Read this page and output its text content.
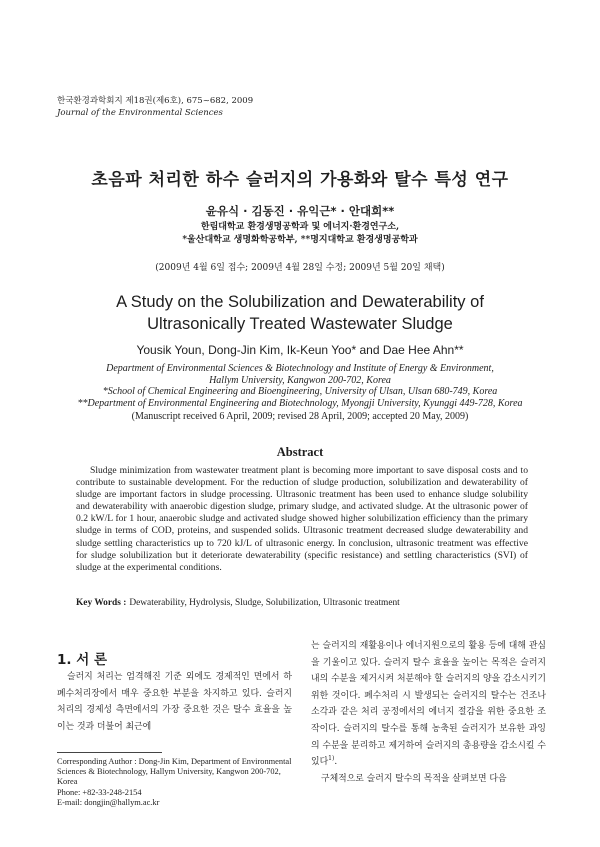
한국환경과학회지 제18권(제6호), 675~682, 2009
Journal of the Environmental Sciences
초음파 처리한 하수 슬러지의 가용화와 탈수 특성 연구
윤유식 · 김동진 · 유익근* · 안대희**
한림대학교 환경생명공학과 및 에너지·환경연구소,
*울산대학교 생명화학공학부, **명지대학교 환경생명공학과
(2009년 4월 6일 접수; 2009년 4월 28일 수정; 2009년 5월 20일 채택)
A Study on the Solubilization and Dewaterability of
Ultrasonically Treated Wastewater Sludge
Yousik Youn, Dong-Jin Kim, Ik-Keun Yoo* and Dae Hee Ahn**
Department of Environmental Sciences & Biotechnology and Institute of Energy & Environment,
Hallym University, Kangwon 200-702, Korea
*School of Chemical Engineering and Bioengineering, University of Ulsan, Ulsan 680-749, Korea
**Department of Environmental Engineering and Biotechnology, Myongji University, Kyunggi 449-728, Korea
(Manuscript received 6 April, 2009; revised 28 April, 2009; accepted 20 May, 2009)
Abstract

Sludge minimization from wastewater treatment plant is becoming more important to save disposal costs and to contribute to sustainable development. For the reduction of sludge production, solubilization and dewaterability of sludge are important factors in sludge processing. Ultrasonic treatment has been used to enhance sludge solubility and dewaterability with anaerobic digestion sludge, primary sludge, and activated sludge. At the ultrasonic power of 0.2 kW/L for 1 hour, anaerobic sludge and activated sludge showed higher solubilization efficiency than the primary sludge in terms of COD, proteins, and suspended solids. Ultrasonic treatment decreased sludge dewaterability and sludge settling characteristics up to 720 kJ/L of ultrasonic energy. In conclusion, ultrasonic treatment was effective for sludge solubilization but it deteriorate dewaterability (specific resistance) and settling characteristics (SVI) of sludge at the experimental conditions.

Key Words : Dewaterability, Hydrolysis, Sludge, Solubilization, Ultrasonic treatment
1. 서 론

슬러지 처리는 엄격해진 기준 외에도 경제적인 면에서 하폐수처리장에서 매우 중요한 부분을 차지하고 있다. 슬러지 처리의 경제성 측면에서의 가장 중요한 것은 탈수 효율을 높이는 것과 더불어 최근에

는 슬러지의 재활용이나 에너지원으로의 활용 등에 대해 관심을 기울이고 있다. 슬러지 탈수 효율을 높이는 목적은 슬러지 내의 수분을 제거시켜 처분해야 할 슬러지의 양을 감소시키기 위한 것이다. 폐수처리 시 발생되는 슬러지의 탈수는 건조나 소각과 같은 처리 공정에서의 에너지 절감을 위한 중요한 조작이다. 슬러지의 탈수를 통해 농축된 슬러지가 보유한 과잉의 수분을 분리하고 제거하여 슬러지의 총용량을 감소시킬 수 있다$^{1)}$.

구체적으로 슬러지 탈수의 목적을 살펴보면 다음

Corresponding Author : Dong-Jin Kim, Department of Environmental Sciences & Biotechnology, Hallym University, Kangwon 200-702, Korea

Phone: +82-33-248-2154

E-mail: dongjin@hallym.ac.kr
